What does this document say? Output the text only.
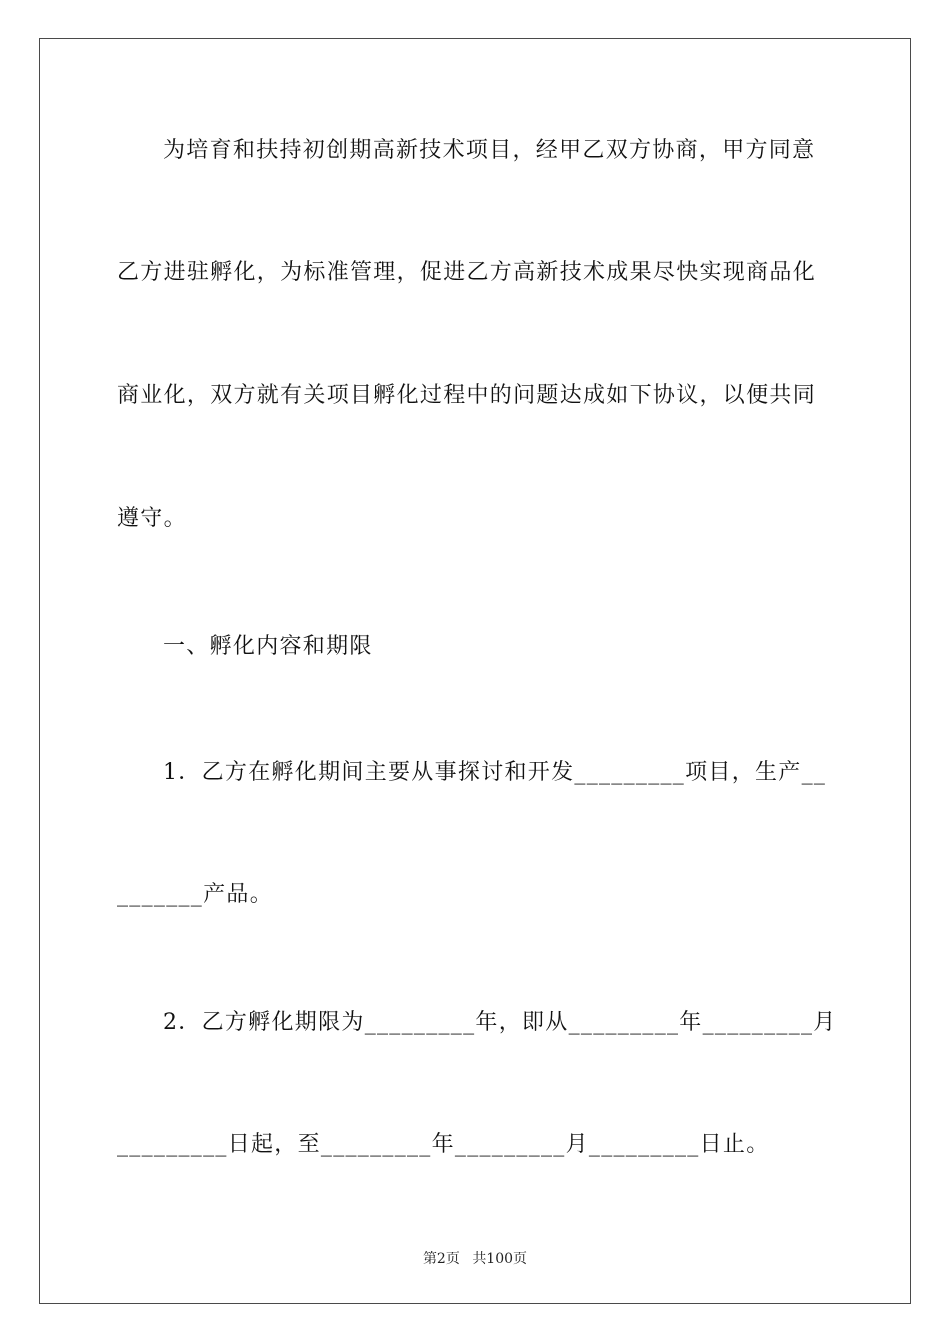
为培育和扶持初创期高新技术项目，经甲乙双方协商，甲方同意
乙方进驻孵化，为标准管理，促进乙方高新技术成果尽快实现商品化
商业化，双方就有关项目孵化过程中的问题达成如下协议，以便共同
遵守。
一、孵化内容和期限
1．乙方在孵化期间主要从事探讨和开发_________项目，生产__
_______产品。
2．乙方孵化期限为_________年，即从_________年_________月
_________日起，至_________年_________月_________日止。
第2页 共100页
